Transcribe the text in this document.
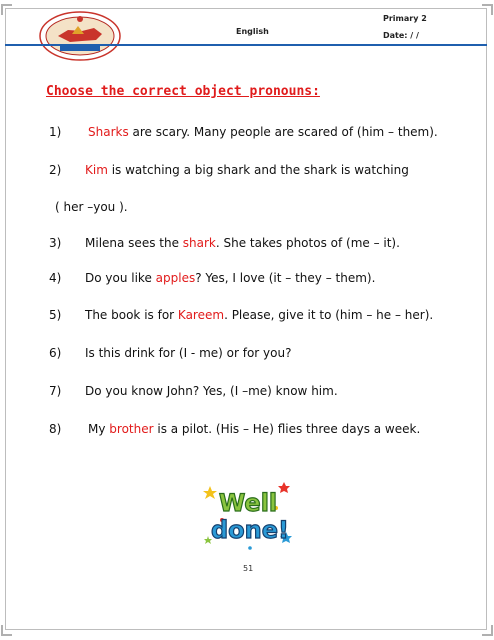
English
Primary 2
Date: / /
Choose the correct object pronouns:
1) Sharks are scary. Many people are scared of (him – them).
2) Kim is watching a big shark and the shark is watching
( her –you ).
3) Milena sees the shark. She takes photos of (me – it).
4) Do you like apples? Yes, I love (it – they – them).
5) The book is for Kareem. Please, give it to (him – he – her).
6) Is this drink for (I - me) or for you?
7) Do you know John? Yes, (I –me) know him.
8) My brother is a pilot. (His – He) flies three days a week.
Well
done!
51
